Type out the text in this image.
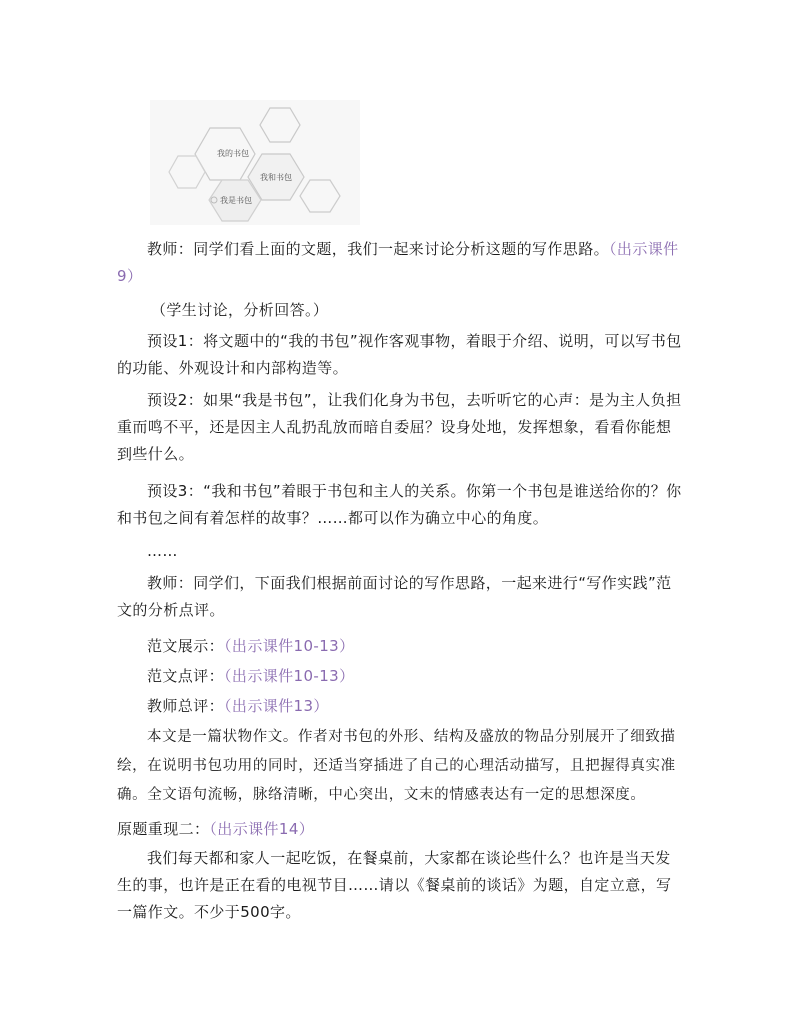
我的书包
我和书包
我是书包

教师：同学们看上面的文题，我们一起来讨论分析这题的写作思路。（出示课件9）

（学生讨论，分析回答。）

预设1：将文题中的“我的书包”视作客观事物，着眼于介绍、说明，可以写书包的功能、外观设计和内部构造等。

预设2：如果“我是书包”，让我们化身为书包，去听听它的心声：是为主人负担重而鸣不平，还是因主人乱扔乱放而暗自委屈？设身处地，发挥想象，看看你能想到些什么。

预设3：“我和书包”着眼于书包和主人的关系。你第一个书包是谁送给你的？你和书包之间有着怎样的故事？……都可以作为确立中心的角度。

……

教师：同学们，下面我们根据前面讨论的写作思路，一起来进行“写作实践”范文的分析点评。

范文展示：（出示课件10-13）

范文点评：（出示课件10-13）

教师总评：（出示课件13）

本文是一篇状物作文。作者对书包的外形、结构及盛放的物品分别展开了细致描绘，在说明书包功用的同时，还适当穿插进了自己的心理活动描写，且把握得真实准确。全文语句流畅，脉络清晰，中心突出，文末的情感表达有一定的思想深度。

原题重现二：（出示课件14）

我们每天都和家人一起吃饭，在餐桌前，大家都在谈论些什么？也许是当天发生的事，也许是正在看的电视节目……请以《餐桌前的谈话》为题，自定立意，写一篇作文。不少于500字。
